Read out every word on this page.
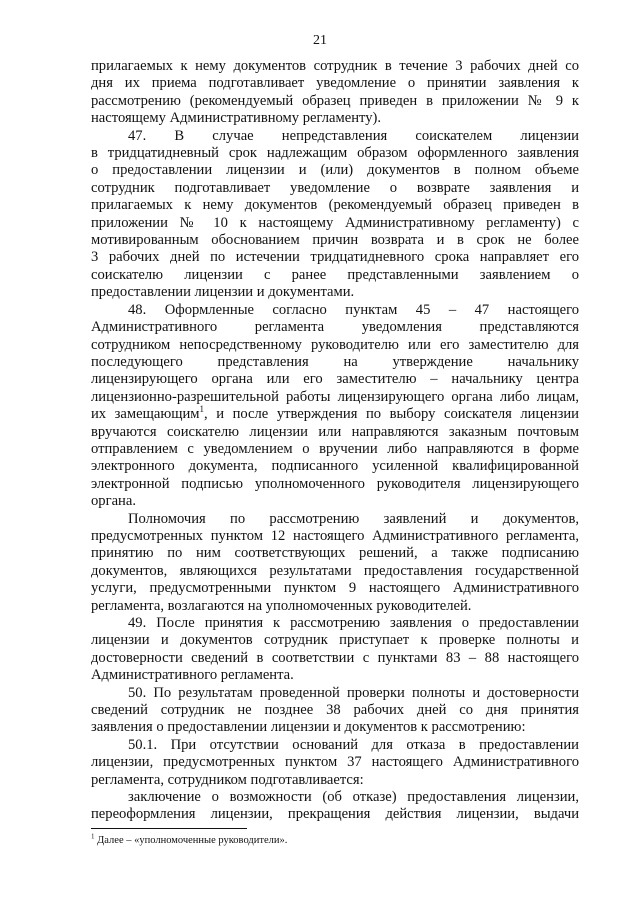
21

прилагаемых к нему документов сотрудник в течение 3 рабочих дней со

дня их приема подготавливает уведомление о принятии заявления к

рассмотрению (рекомендуемый образец приведен в приложении № 9 к

настоящему Административному регламенту).

47. В случае непредставления соискателем лицензии

в тридцатидневный срок надлежащим образом оформленного заявления

о предоставлении лицензии и (или) документов в полном объеме

сотрудник подготавливает уведомление о возврате заявления и

прилагаемых к нему документов (рекомендуемый образец приведен в

приложении № 10 к настоящему Административному регламенту) с

мотивированным обоснованием причин возврата и в срок не более

3 рабочих дней по истечении тридцатидневного срока направляет его

соискателю лицензии с ранее представленными заявлением о

предоставлении лицензии и документами.

48. Оформленные согласно пунктам 45 – 47 настоящего

Административного регламента уведомления представляются

сотрудником непосредственному руководителю или его заместителю для

последующего представления на утверждение начальнику

лицензирующего органа или его заместителю – начальнику центра

лицензионно-разрешительной работы лицензирующего органа либо лицам,

их замещающим$^1$, и после утверждения по выбору соискателя лицензии

вручаются соискателю лицензии или направляются заказным почтовым

отправлением с уведомлением о вручении либо направляются в форме

электронного документа, подписанного усиленной квалифицированной

электронной подписью уполномоченного руководителя лицензирующего

органа.

Полномочия по рассмотрению заявлений и документов,

предусмотренных пунктом 12 настоящего Административного регламента,

принятию по ним соответствующих решений, а также подписанию

документов, являющихся результатами предоставления государственной

услуги, предусмотренными пунктом 9 настоящего Административного

регламента, возлагаются на уполномоченных руководителей.

49. После принятия к рассмотрению заявления о предоставлении

лицензии и документов сотрудник приступает к проверке полноты и

достоверности сведений в соответствии с пунктами 83 – 88 настоящего

Административного регламента.

50. По результатам проведенной проверки полноты и достоверности

сведений сотрудник не позднее 38 рабочих дней со дня принятия

заявления о предоставлении лицензии и документов к рассмотрению:

50.1. При отсутствии оснований для отказа в предоставлении

лицензии, предусмотренных пунктом 37 настоящего Административного

регламента, сотрудником подготавливается:

заключение о возможности (об отказе) предоставления лицензии,

переоформления лицензии, прекращения действия лицензии, выдачи

$^1$ Далее – «уполномоченные руководители».
